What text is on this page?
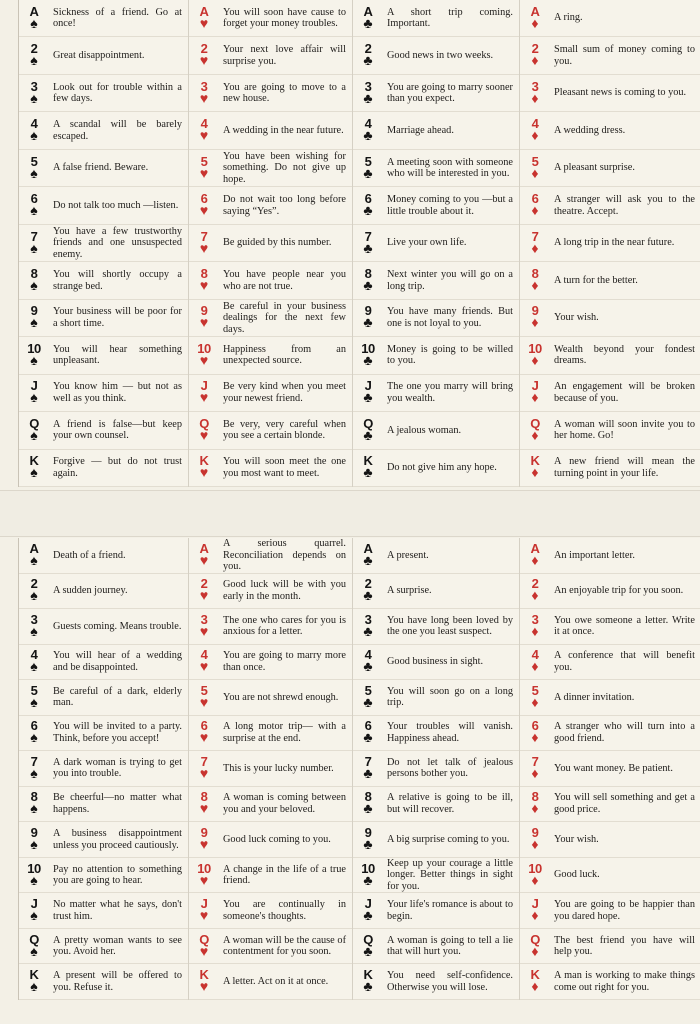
A
♠
Sickness of a friend. Go at once!
2
♠ Great disappointment.
3
♠
Look out for trouble within a few days.
4
♠
A scandal will be barely escaped.
5
♠ A false friend. Beware.
6
♠ Do not talk too much —listen.
7
♠
You have a few trustworthy friends and one unsuspected enemy.
8
♠
You will shortly occupy a strange bed.
9
♠
Your business will be poor for a short time.
10
♠
You will hear something unpleasant.
J
♠
You know him — but not as well as you think.
Q
♠
A friend is false—but keep your own counsel.
K
♠
Forgive — but do not trust again.
A
♥
You will soon have cause to forget your money troubles.
2
♥
Your next love affair will surprise you.
3
♥
You are going to move to a new house.
4
♥ A wedding in the near future.
5
♥
You have been wishing for something. Do not give up hope.
6
♥
Do not wait too long before saying “Yes”.
7
♥ Be guided by this number.
8
♥
You have people near you who are not true.
9
♥
Be careful in your business dealings for the next few days.
10
♥
Happiness from an unexpected source.
J
♥
Be very kind when you meet your newest friend.
Q
♥
Be very, very careful when you see a certain blonde.
K
♥
You will soon meet the one you most want to meet.
A
♣
A short trip coming. Important.
2
♣ Good news in two weeks.
3
♣
You are going to marry sooner than you expect.
4
♣ Marriage ahead.
5
♣
A meeting soon with someone who will be interested in you.
6
♣
Money coming to you —but a little trouble about it.
7
♣ Live your own life.
8
♣
Next winter you will go on a long trip.
9
♣
You have many friends. But one is not loyal to you.
10
♣
Money is going to be willed to you.
J
♣
The one you marry will bring you wealth.
Q
♣ A jealous woman.
K
♣ Do not give him any hope.
A
♦ A ring.
2
♦
Small sum of money coming to you.
3
♦ Pleasant news is coming to you.
4
♦ A wedding dress.
5
♦ A pleasant surprise.
6
♦
A stranger will ask you to the theatre. Accept.
7
♦ A long trip in the near future.
8
♦ A turn for the better.
9
♦ Your wish.
10
♦
Wealth beyond your fondest dreams.
J
♦
An engagement will be broken because of you.
Q
♦
A woman will soon invite you to her home. Go!
K
♦
A new friend will mean the turning point in your life.
A
♠ Death of a friend.
2
♠ A sudden journey.
3
♠ Guests coming. Means trouble.
4
♠
You will hear of a wedding and be disappointed.
5
♠
Be careful of a dark, elderly man.
6
♠
You will be invited to a party. Think, before you accept!
7
♠
A dark woman is trying to get you into trouble.
8
♠
Be cheerful—no matter what happens.
9
♠
A business disappointment unless you proceed cautiously.
10
♠
Pay no attention to something you are going to hear.
J
♠
No matter what he says, don't trust him.
Q
♠
A pretty woman wants to see you. Avoid her.
K
♠
A present will be offered to you. Refuse it.
A
♥
A serious quarrel. Reconciliation depends on you.
2
♥
Good luck will be with you early in the month.
3
♥
The one who cares for you is anxious for a letter.
4
♥
You are going to marry more than once.
5
♥ You are not shrewd enough.
6
♥
A long motor trip— with a surprise at the end.
7
♥ This is your lucky number.
8
♥
A woman is coming between you and your beloved.
9
♥ Good luck coming to you.
10
♥
A change in the life of a true friend.
J
♥
You are continually in someone's thoughts.
Q
♥
A woman will be the cause of contentment for you soon.
K
♥ A letter. Act on it at once.
A
♣ A present.
2
♣ A surprise.
3
♣
You have long been loved by the one you least suspect.
4
♣ Good business in sight.
5
♣
You will soon go on a long trip.
6
♣
Your troubles will vanish. Happiness ahead.
7
♣
Do not let talk of jealous persons bother you.
8
♣
A relative is going to be ill, but will recover.
9
♣ A big surprise coming to you.
10
♣
Keep up your courage a little longer. Better things in sight for you.
J
♣
Your life's romance is about to begin.
Q
♣
A woman is going to tell a lie that will hurt you.
K
♣
You need self-confidence. Otherwise you will lose.
A
♦ An important letter.
2
♦ An enjoyable trip for you soon.
3
♦
You owe someone a letter. Write it at once.
4
♦
A conference that will benefit you.
5
♦ A dinner invitation.
6
♦
A stranger who will turn into a good friend.
7
♦ You want money. Be patient.
8
♦
You will sell something and get a good price.
9
♦ Your wish.
10
♦ Good luck.
J
♦
You are going to be happier than you dared hope.
Q
♦
The best friend you have will help you.
K
♦
A man is working to make things come out right for you.
